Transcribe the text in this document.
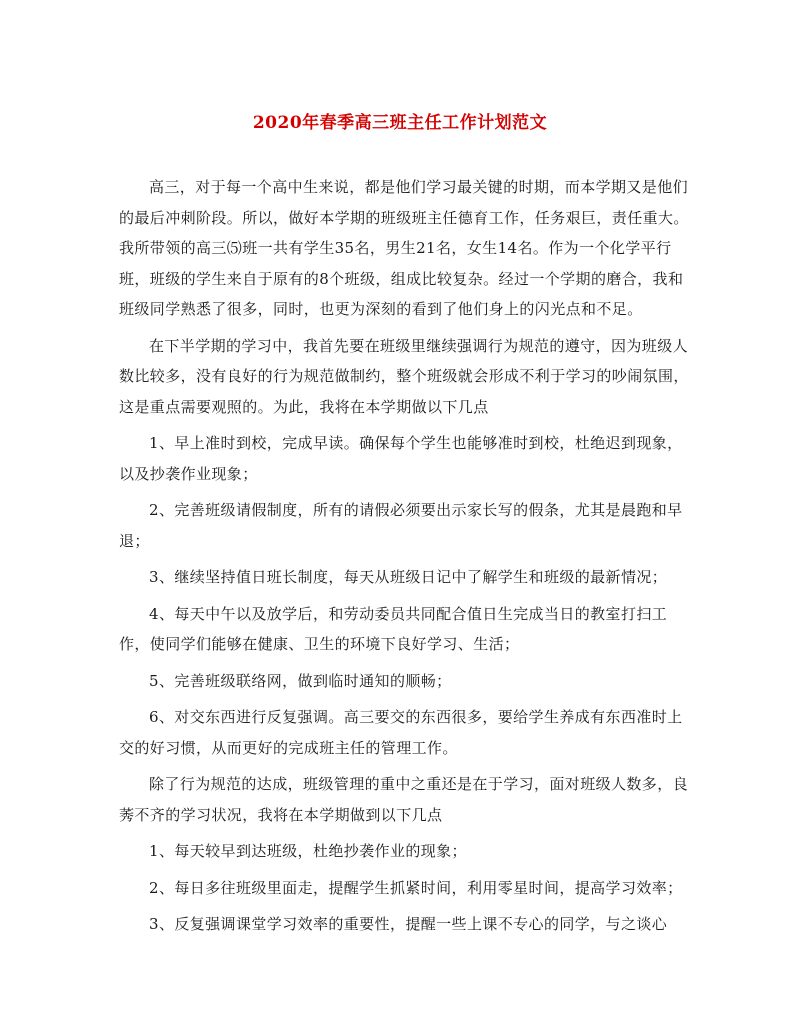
2020年春季高三班主任工作计划范文

高三，对于每一个高中生来说，都是他们学习最关键的时期，而本学期又是他们的最后冲刺阶段。所以，做好本学期的班级班主任德育工作，任务艰巨，责任重大。我所带领的高三⑸班一共有学生35名，男生21名，女生14名。作为一个化学平行班，班级的学生来自于原有的8个班级，组成比较复杂。经过一个学期的磨合，我和班级同学熟悉了很多，同时，也更为深刻的看到了他们身上的闪光点和不足。

在下半学期的学习中，我首先要在班级里继续强调行为规范的遵守，因为班级人数比较多，没有良好的行为规范做制约，整个班级就会形成不利于学习的吵闹氛围，这是重点需要观照的。为此，我将在本学期做以下几点

1、早上准时到校，完成早读。确保每个学生也能够准时到校，杜绝迟到现象，以及抄袭作业现象；

2、完善班级请假制度，所有的请假必须要出示家长写的假条，尤其是晨跑和早退；

3、继续坚持值日班长制度，每天从班级日记中了解学生和班级的最新情况；

4、每天中午以及放学后，和劳动委员共同配合值日生完成当日的教室打扫工作，使同学们能够在健康、卫生的环境下良好学习、生活；

5、完善班级联络网，做到临时通知的顺畅；

6、对交东西进行反复强调。高三要交的东西很多，要给学生养成有东西准时上交的好习惯，从而更好的完成班主任的管理工作。

除了行为规范的达成，班级管理的重中之重还是在于学习，面对班级人数多，良莠不齐的学习状况，我将在本学期做到以下几点

1、每天较早到达班级，杜绝抄袭作业的现象；

2、每日多往班级里面走，提醒学生抓紧时间，利用零星时间，提高学习效率；

3、反复强调课堂学习效率的重要性，提醒一些上课不专心的同学，与之谈心
